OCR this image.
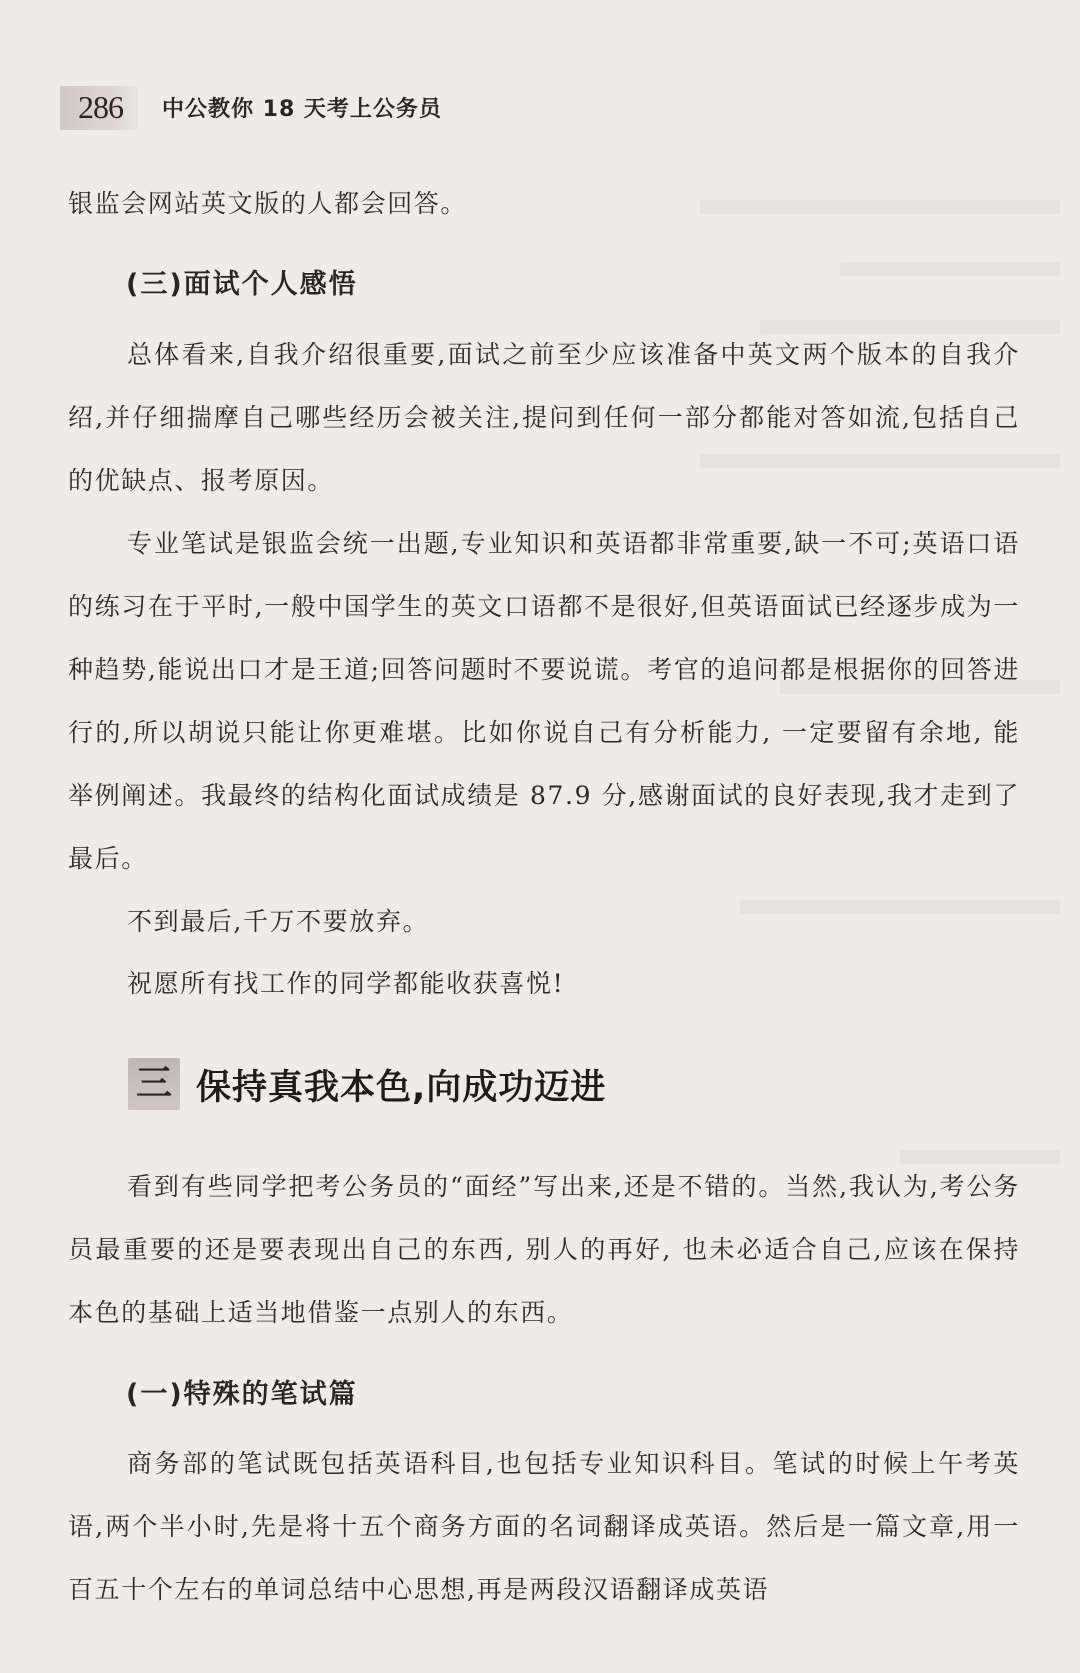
286 中公教你 18 天考上公务员

银监会网站英文版的人都会回答。

(三)面试个人感悟

总体看来,自我介绍很重要,面试之前至少应该准备中英文两个版本的自我介绍,并仔细揣摩自己哪些经历会被关注,提问到任何一部分都能对答如流,包括自己的优缺点、报考原因。

专业笔试是银监会统一出题,专业知识和英语都非常重要,缺一不可;英语口语的练习在于平时,一般中国学生的英文口语都不是很好,但英语面试已经逐步成为一种趋势,能说出口才是王道;回答问题时不要说谎。考官的追问都是根据你的回答进行的,所以胡说只能让你更难堪。比如你说自己有分析能力, 一定要留有余地, 能举例阐述。我最终的结构化面试成绩是 87.9 分,感谢面试的良好表现,我才走到了最后。

不到最后,千万不要放弃。

祝愿所有找工作的同学都能收获喜悦!

三 保持真我本色,向成功迈进

看到有些同学把考公务员的“面经”写出来,还是不错的。当然,我认为,考公务员最重要的还是要表现出自己的东西, 别人的再好, 也未必适合自己,应该在保持本色的基础上适当地借鉴一点别人的东西。

(一)特殊的笔试篇

商务部的笔试既包括英语科目,也包括专业知识科目。笔试的时候上午考英语,两个半小时,先是将十五个商务方面的名词翻译成英语。然后是一篇文章,用一百五十个左右的单词总结中心思想,再是两段汉语翻译成英语
